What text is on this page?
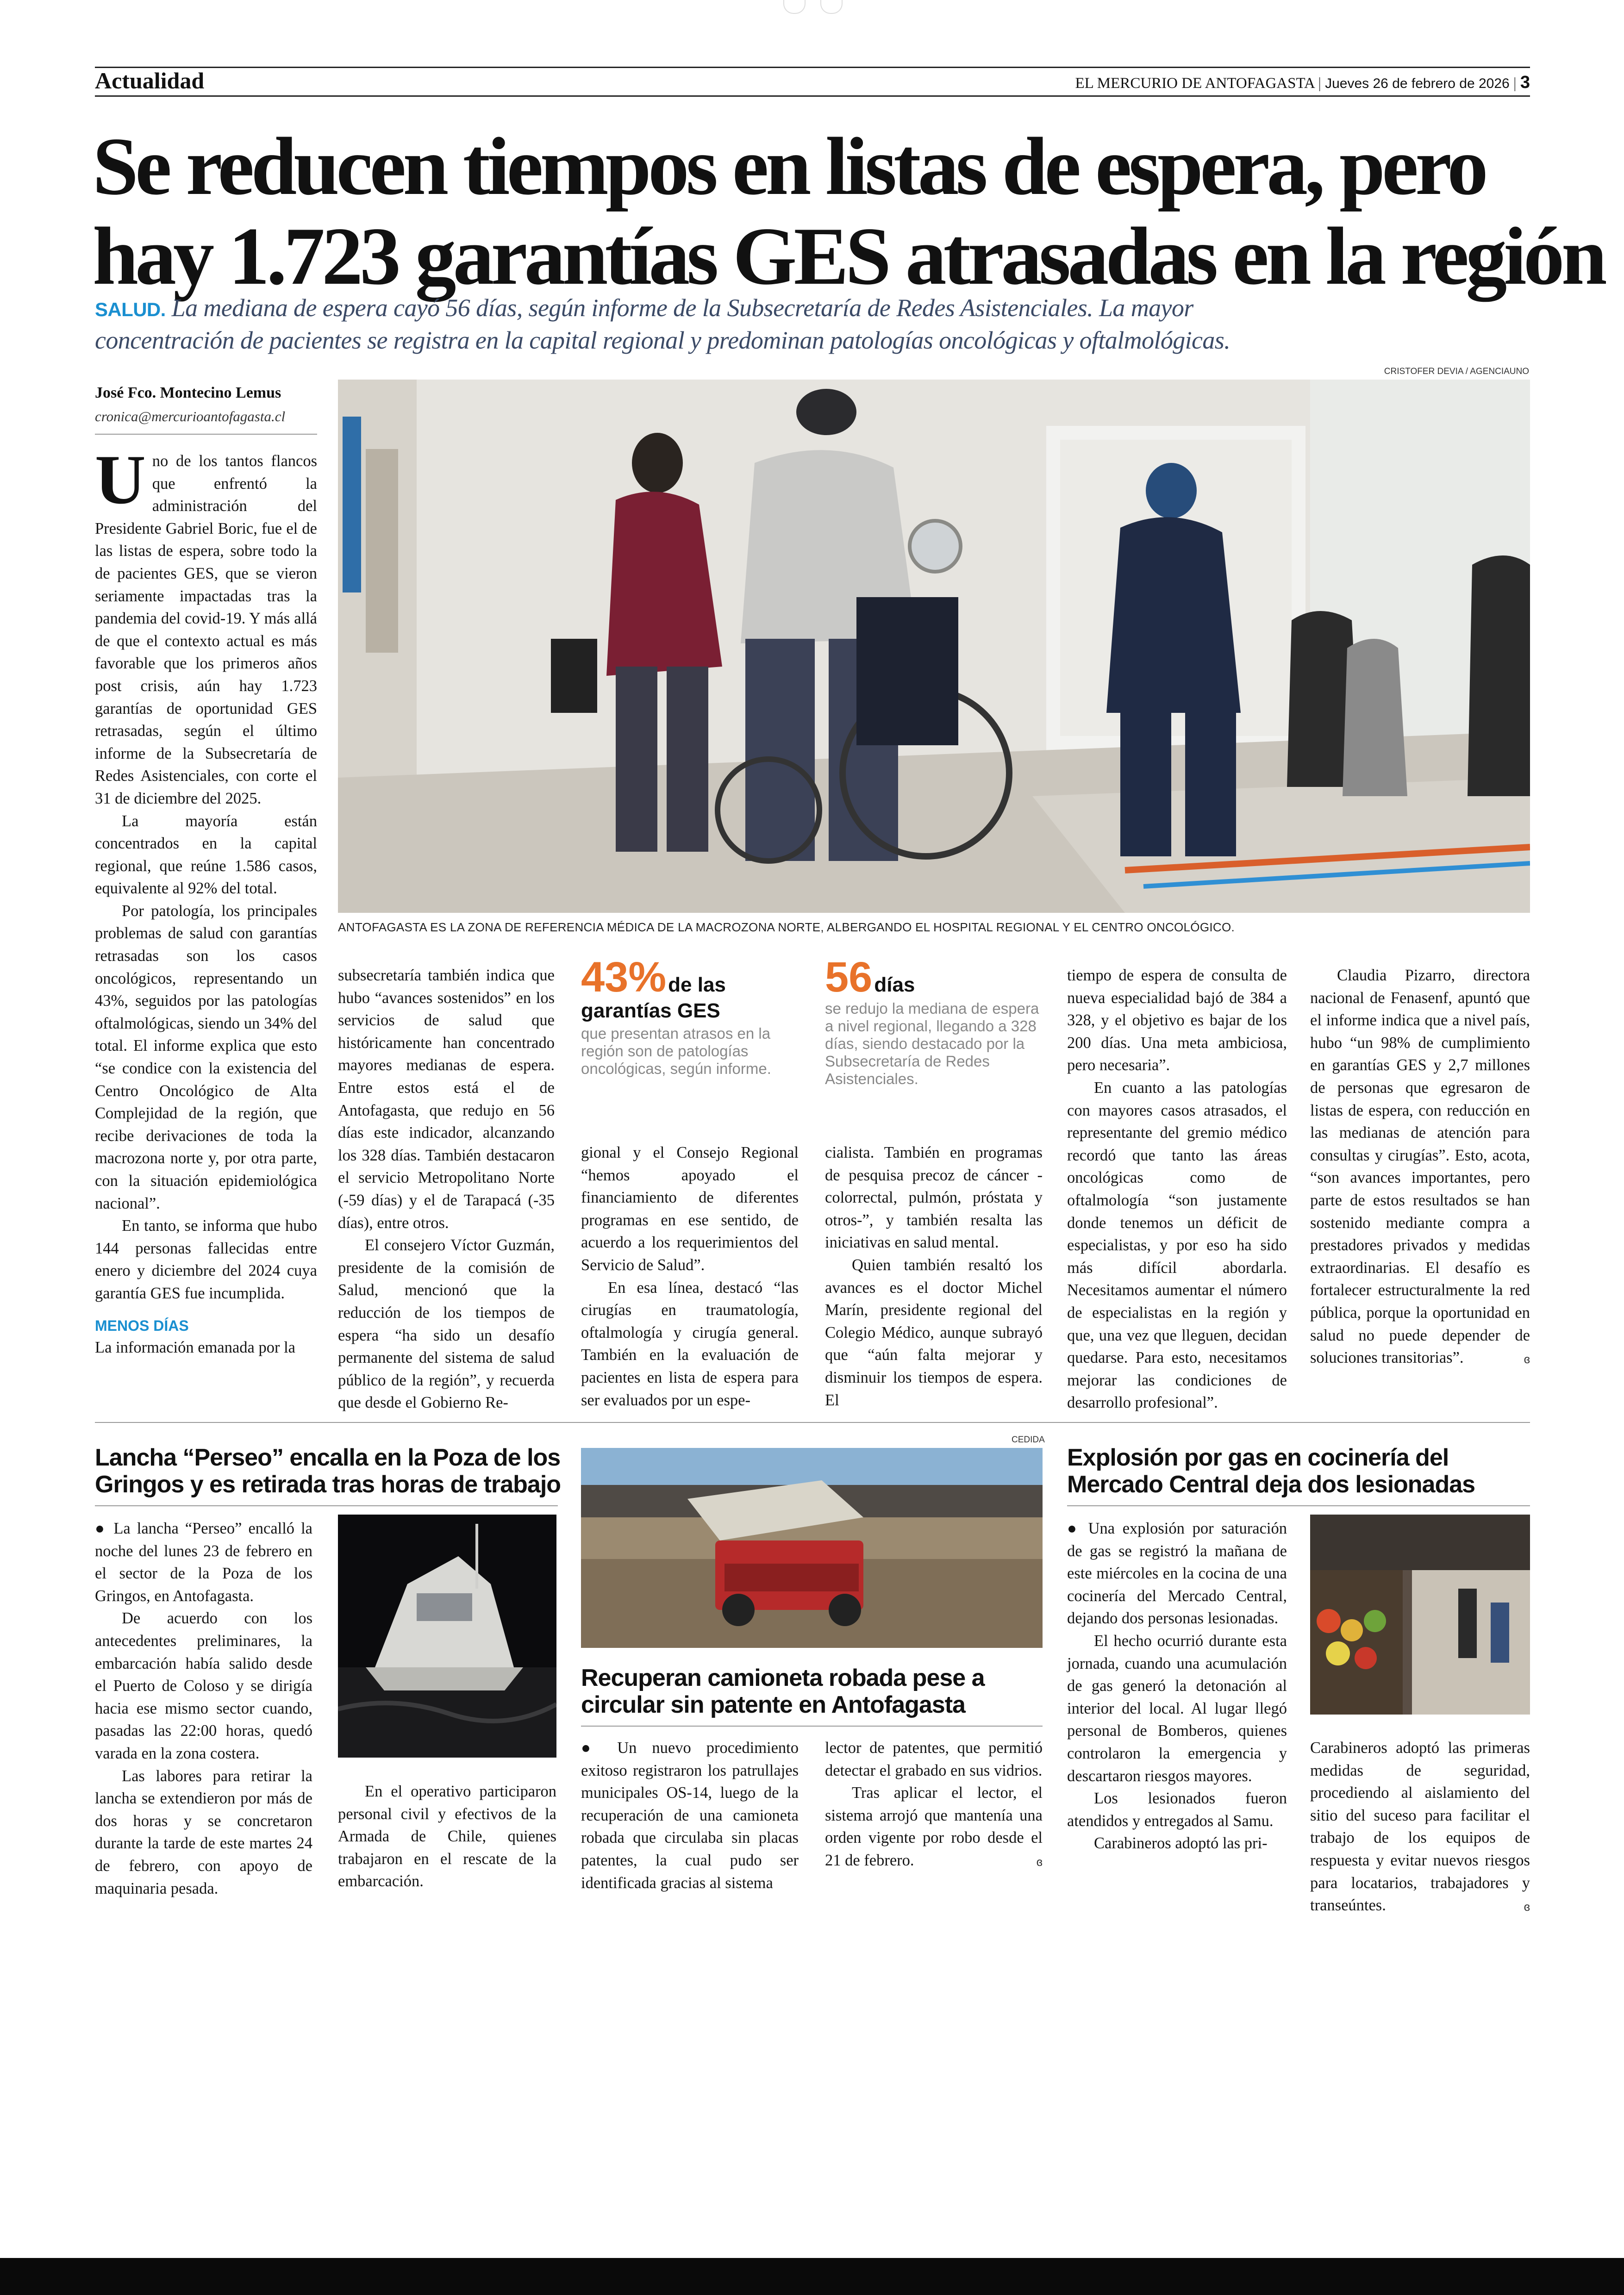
Actualidad	EL MERCURIO DE ANTOFAGASTA | Jueves 26 de febrero de 2026 | 3
Se reducen tiempos en listas de espera, pero
hay 1.723 garantías GES atrasadas en la región
SALUD. La mediana de espera cayó 56 días, según informe de la Subsecretaría de Redes Asistenciales. La mayor
concentración de pacientes se registra en la capital regional y predominan patologías oncológicas y oftalmológicas.
CRISTOFER DEVIA / AGENCIAUNO
ANTOFAGASTA ES LA ZONA DE REFERENCIA MÉDICA DE LA MACROZONA NORTE, ALBERGANDO EL HOSPITAL REGIONAL Y EL CENTRO ONCOLÓGICO.
José Fco. Montecino Lemus
cronica@mercurioantofagasta.cl
U no de los tantos flancos que enfrentó la administración del Presidente Gabriel Boric, fue el de las listas de espera, sobre todo la de pacientes GES, que se vieron seriamente impactadas tras la pandemia del covid-19. Y más allá de que el contexto actual es más favorable que los primeros años post crisis, aún hay 1.723 garantías de oportunidad GES retrasadas, según el último informe de la Subsecretaría de Redes Asistenciales, con corte el 31 de diciembre del 2025.

La mayoría están concentrados en la capital regional, que reúne 1.586 casos, equivalente al 92% del total.

Por patología, los principales problemas de salud con garantías retrasadas son los casos oncológicos, representando un 43%, seguidos por las patologías oftalmológicas, siendo un 34% del total. El informe explica que esto “se condice con la existencia del Centro Oncológico de Alta Complejidad de la región, que recibe derivaciones de toda la macrozona norte y, por otra parte, con la situación epidemiológica nacional”.

En tanto, se informa que hubo 144 personas fallecidas entre enero y diciembre del 2024 cuya garantía GES fue incumplida.

MENOS DÍAS

La información emanada por la

subsecretaría también indica que hubo “avances sostenidos” en los servicios de salud que históricamente han concentrado mayores medianas de espera. Entre estos está el de Antofagasta, que redujo en 56 días este indicador, alcanzando los 328 días. También destacaron el servicio Metropolitano Norte (-59 días) y el de Tarapacá (-35 días), entre otros.

El consejero Víctor Guzmán, presidente de la comisión de Salud, mencionó que la reducción de los tiempos de espera “ha sido un desafío permanente del sistema de salud público de la región”, y recuerda que desde el Gobierno Re-

43% de las
garantías GES
que presentan atrasos en la región son de patologías oncológicas, según informe.

gional y el Consejo Regional “hemos apoyado el financiamiento de diferentes programas en ese sentido, de acuerdo a los requerimientos del Servicio de Salud”.

En esa línea, destacó “las cirugías en traumatología, oftalmología y cirugía general. También en la evaluación de pacientes en lista de espera para ser evaluados por un espe-

56 días
se redujo la mediana de espera a nivel regional, llegando a 328 días, siendo destacado por la Subsecretaría de Redes Asistenciales.

cialista. También en programas de pesquisa precoz de cáncer -colorrectal, pulmón, próstata y otros-”, y también resalta las iniciativas en salud mental.

Quien también resaltó los avances es el doctor Michel Marín, presidente regional del Colegio Médico, aunque subrayó que “aún falta mejorar y disminuir los tiempos de espera. El

tiempo de espera de consulta de nueva especialidad bajó de 384 a 328, y el objetivo es bajar de los 200 días. Una meta ambiciosa, pero necesaria”.

En cuanto a las patologías con mayores casos atrasados, el representante del gremio médico recordó que tanto las áreas oncológicas como de oftalmología “son justamente donde tenemos un déficit de especialistas, y por eso ha sido más difícil abordarla. Necesitamos aumentar el número de especialistas en la región y que, una vez que lleguen, decidan quedarse. Para esto, necesitamos mejorar las condiciones de desarrollo profesional”.

Claudia Pizarro, directora nacional de Fenasenf, apuntó que el informe indica que a nivel país, hubo “un 98% de cumplimiento en garantías GES y 2,7 millones de personas que egresaron de listas de espera, con reducción en las medianas de atención para consultas y cirugías”. Esto, acota, “son avances importantes, pero parte de estos resultados se han sostenido mediante compra a prestadores privados y medidas extraordinarias. El desafío es fortalecer estructuralmente la red pública, porque la oportunidad en salud no puede depender de soluciones transitorias”.	ɞ
Lancha “Perseo” encalla en la Poza de los
Gringos y es retirada tras horas de trabajo

● La lancha “Perseo” encalló la noche del lunes 23 de febrero en el sector de la Poza de los Gringos, en Antofagasta.

De acuerdo con los antecedentes preliminares, la embarcación había salido desde el Puerto de Coloso y se dirigía hacia ese mismo sector cuando, pasadas las 22:00 horas, quedó varada en la zona costera.

Las labores para retirar la lancha se extendieron por más de dos horas y se concretaron durante la tarde de este martes 24 de febrero, con apoyo de maquinaria pesada.

En el operativo participaron personal civil y efectivos de la Armada de Chile, quienes trabajaron en el rescate de la embarcación.

CEDIDA
Recuperan camioneta robada pese a
circular sin patente en Antofagasta

● Un nuevo procedimiento exitoso registraron los patrullajes municipales OS-14, luego de la recuperación de una camioneta robada que circulaba sin placas patentes, la cual pudo ser identificada gracias al sistema

lector de patentes, que permitió detectar el grabado en sus vidrios.

Tras aplicar el lector, el sistema arrojó que mantenía una orden vigente por robo desde el 21 de febrero.	ɞ
Explosión por gas en cocinería del
Mercado Central deja dos lesionadas

● Una explosión por saturación de gas se registró la mañana de este miércoles en la cocina de una cocinería del Mercado Central, dejando dos personas lesionadas.

El hecho ocurrió durante esta jornada, cuando una acumulación de gas generó la detonación al interior del local. Al lugar llegó personal de Bomberos, quienes controlaron la emergencia y descartaron riesgos mayores.

Los lesionados fueron atendidos y entregados al Samu.

Carabineros adoptó las pri-

Carabineros adoptó las primeras medidas de seguridad, procediendo al aislamiento del sitio del suceso para facilitar el trabajo de los equipos de respuesta y evitar nuevos riesgos para locatarios, trabajadores y transeúntes.	ɞ
